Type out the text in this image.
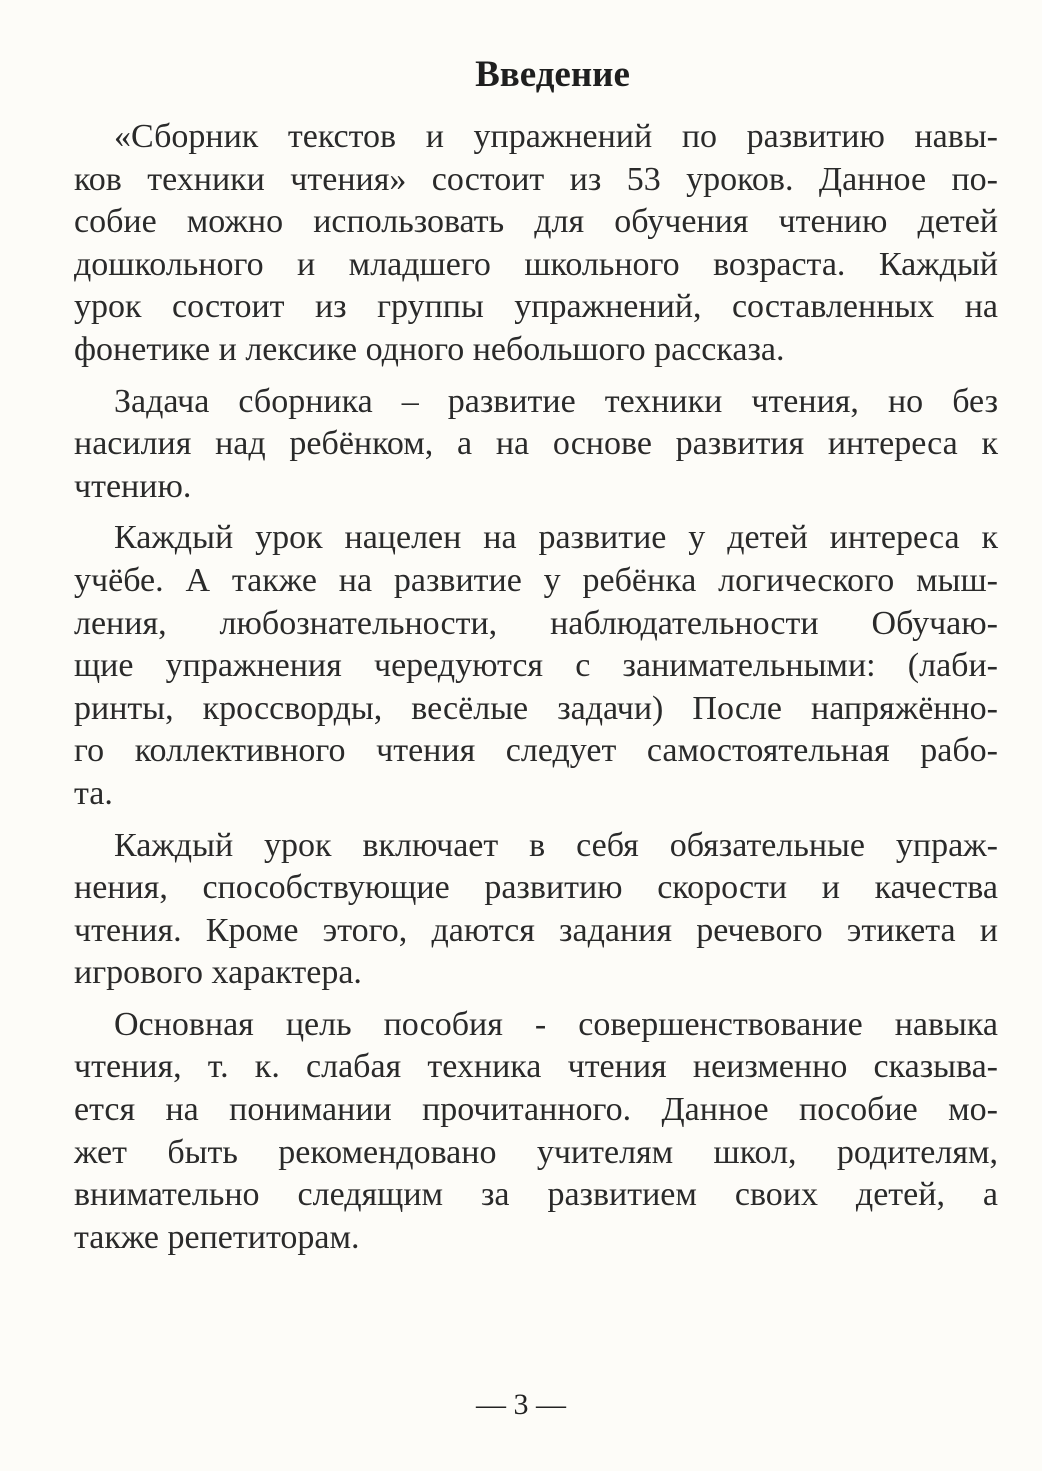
Введение

«Сборник текстов и упражнений по развитию навы-
ков техники чтения» состоит из 53 уроков. Данное по-
собие можно использовать для обучения чтению детей
дошкольного и младшего школьного возраста. Каждый
урок состоит из группы упражнений, составленных на
фонетике и лексике одного небольшого рассказа.

Задача сборника – развитие техники чтения, но без
насилия над ребёнком, а на основе развития интереса к
чтению.

Каждый урок нацелен на развитие у детей интереса к
учёбе. А также на развитие у ребёнка логического мыш-
ления, любознательности, наблюдательности Обучаю-
щие упражнения чередуются с занимательными: (лаби-
ринты, кроссворды, весёлые задачи) После напряжённо-
го коллективного чтения следует самостоятельная рабо-
та.

Каждый урок включает в себя обязательные упраж-
нения, способствующие развитию скорости и качества
чтения. Кроме этого, даются задания речевого этикета и
игрового характера.

Основная цель пособия - совершенствование навыка
чтения, т. к. слабая техника чтения неизменно сказыва-
ется на понимании прочитанного. Данное пособие мо-
жет быть рекомендовано учителям школ, родителям,
внимательно следящим за развитием своих детей, а
также репетиторам.

— 3 —
